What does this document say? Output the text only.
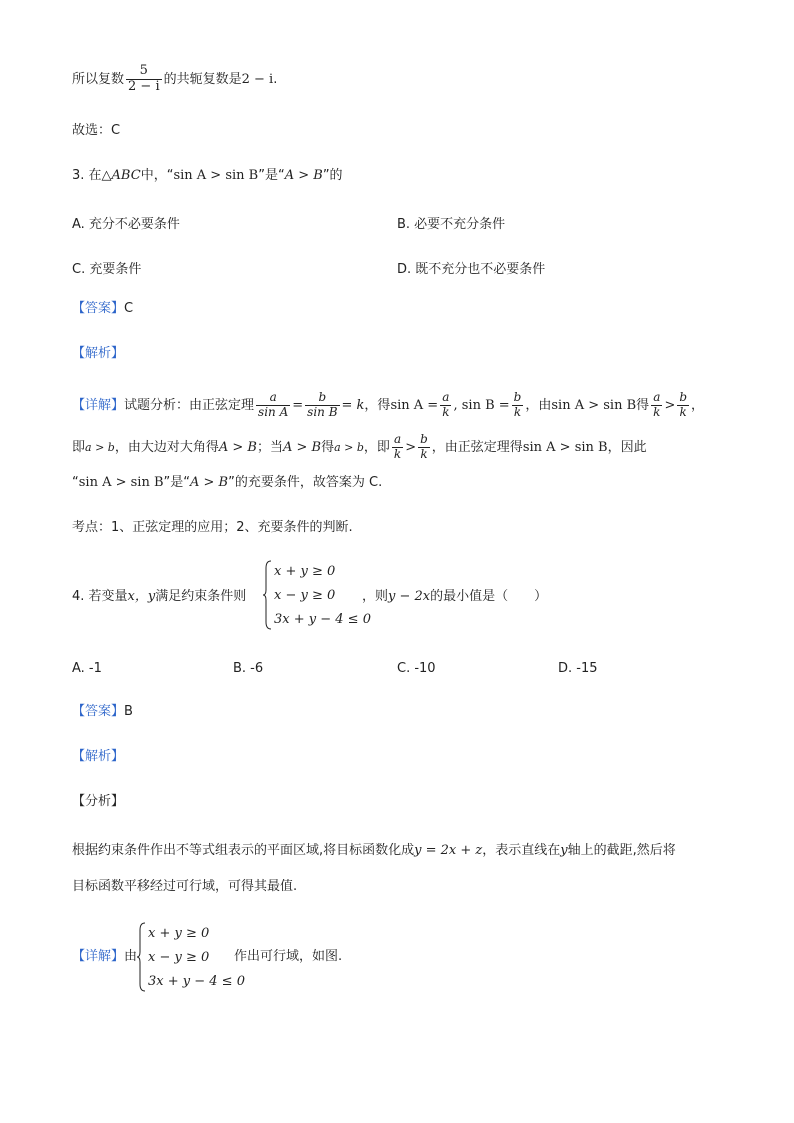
所以复数 $\frac{5}{2 - i}$ 的共轭复数是2 − i.
故选：C
3. 在△ABC中，“sin A > sin B”是“A > B”的
A. 充分不必要条件	B. 必要不充分条件
C. 充要条件	D. 既不充分也不必要条件
【答案】C
【解析】
【详解】 试题分析：由正弦定理 $\frac{a}{\text{sin A}} = \frac{b}{\text{sin B}} = k$ ，得 $\sin A = \frac{a}{k}$ , $\sin B = \frac{b}{k}$ ，由 sin A > sin B 得 $\frac{a}{k} > \frac{b}{k}$ ，
即 a > b ，由大边对大角得 A > B ；当 A > B 得 a > b ，即 $\frac{a}{k} > \frac{b}{k}$ ，由正弦定理得 sin A > sin B ，因此
“sin A > sin B”是“A > B”的充要条件，故答案为 C.
考点：1、正弦定理的应用；2、充要条件的判断.
4. 若变量x，y满足约束条件则
x + y ≥ 0
x − y ≥ 0
3x + y − 4 ≤ 0
，则y − 2x的最小值是（　　）
A. -1	B. -6	C. -10	D. -15
【答案】B
【解析】
【分析】
根据约束条件作出不等式组表示的平面区域,将目标函数化成y = 2x + z，表示直线在y轴上的截距,然后将
目标函数平移经过可行域，可得其最值.
【详解】由
x + y ≥ 0
x − y ≥ 0
3x + y − 4 ≤ 0
作出可行域，如图.
